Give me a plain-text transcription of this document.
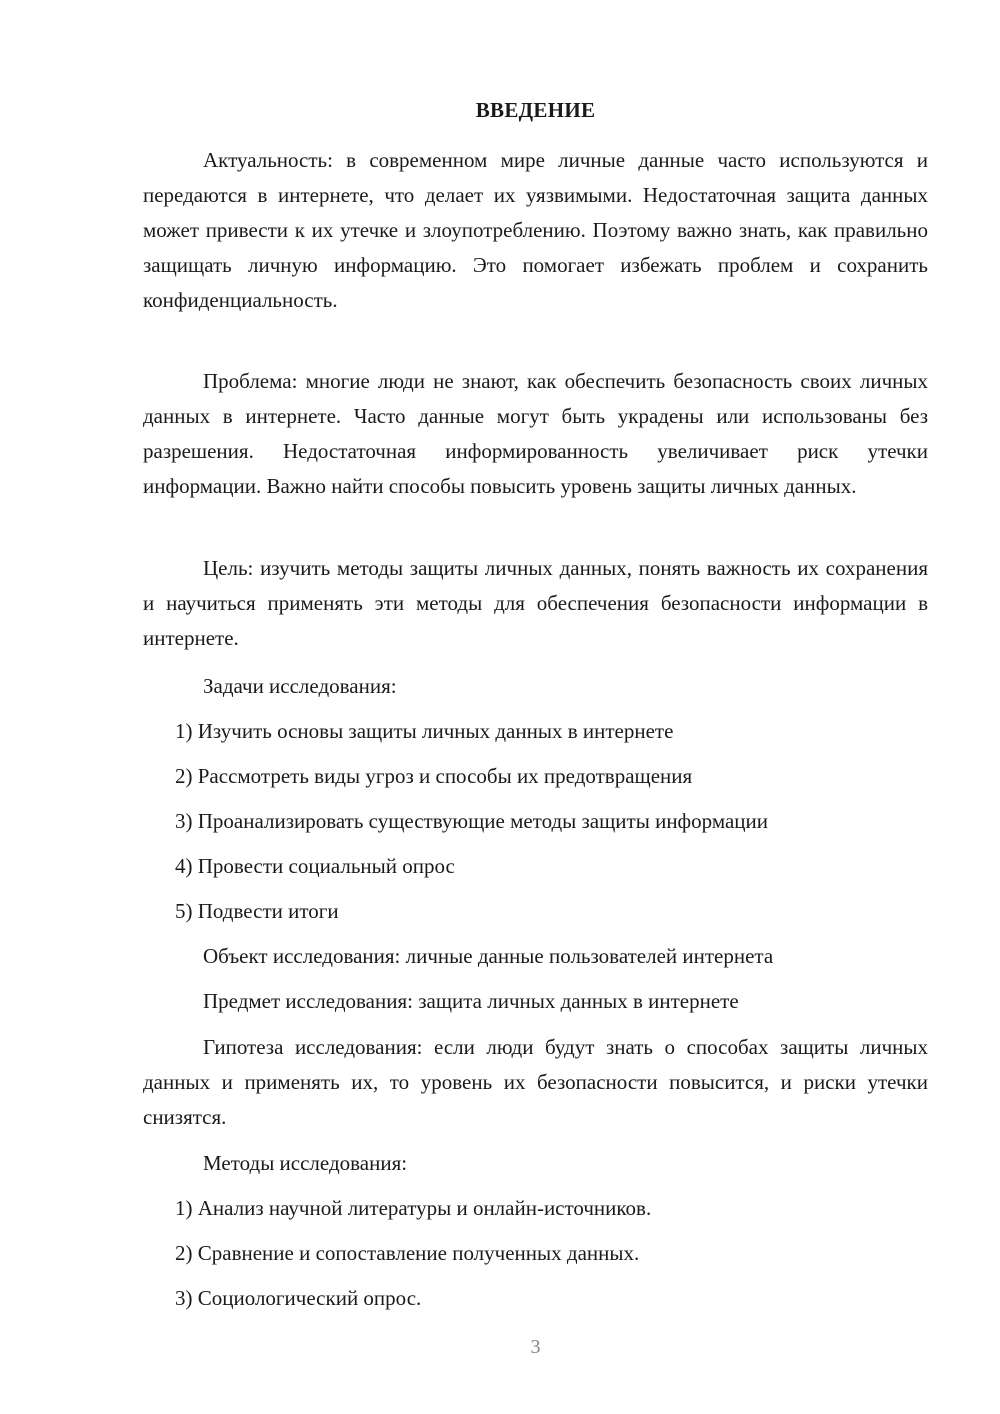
ВВЕДЕНИЕ

Актуальность: в современном мире личные данные часто используются и передаются в интернете, что делает их уязвимыми. Недостаточная защита данных может привести к их утечке и злоупотреблению. Поэтому важно знать, как правильно защищать личную информацию. Это помогает избежать проблем и сохранить конфиденциальность.

Проблема: многие люди не знают, как обеспечить безопасность своих личных данных в интернете. Часто данные могут быть украдены или использованы без разрешения. Недостаточная информированность увеличивает риск утечки информации. Важно найти способы повысить уровень защиты личных данных.

Цель: изучить методы защиты личных данных, понять важность их сохранения и научиться применять эти методы для обеспечения безопасности информации в интернете.

Задачи исследования:

1) Изучить основы защиты личных данных в интернете

2) Рассмотреть виды угроз и способы их предотвращения

3) Проанализировать существующие методы защиты информации

4) Провести социальный опрос

5) Подвести итоги

Объект исследования: личные данные пользователей интернета

Предмет исследования: защита личных данных в интернете

Гипотеза исследования: если люди будут знать о способах защиты личных данных и применять их, то уровень их безопасности повысится, и риски утечки снизятся.

Методы исследования:

1) Анализ научной литературы и онлайн-источников.

2) Сравнение и сопоставление полученных данных.

3) Социологический опрос.

3
